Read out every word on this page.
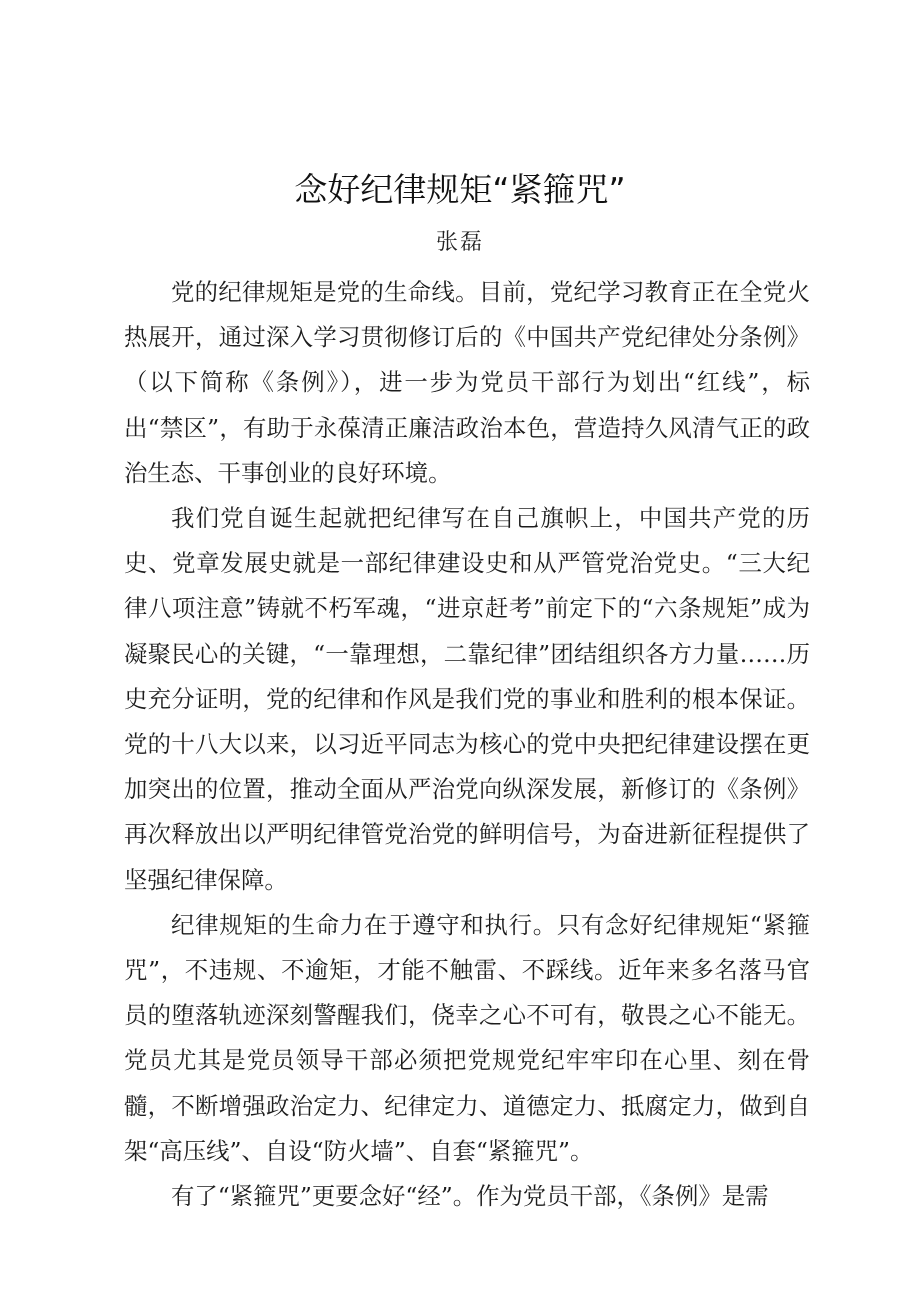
念好纪律规矩“紧箍咒”
张磊

党的纪律规矩是党的生命线。目前，党纪学习教育正在全党火热展开，通过深入学习贯彻修订后的《中国共产党纪律处分条例》（以下简称《条例》），进一步为党员干部行为划出“红线”，标出“禁区”，有助于永葆清正廉洁政治本色，营造持久风清气正的政治生态、干事创业的良好环境。

我们党自诞生起就把纪律写在自己旗帜上，中国共产党的历史、党章发展史就是一部纪律建设史和从严管党治党史。“三大纪律八项注意”铸就不朽军魂，“进京赶考”前定下的“六条规矩”成为凝聚民心的关键，“一靠理想，二靠纪律”团结组织各方力量……历史充分证明，党的纪律和作风是我们党的事业和胜利的根本保证。党的十八大以来，以习近平同志为核心的党中央把纪律建设摆在更加突出的位置，推动全面从严治党向纵深发展，新修订的《条例》再次释放出以严明纪律管党治党的鲜明信号，为奋进新征程提供了坚强纪律保障。

纪律规矩的生命力在于遵守和执行。只有念好纪律规矩“紧箍咒”，不违规、不逾矩，才能不触雷、不踩线。近年来多名落马官员的堕落轨迹深刻警醒我们，侥幸之心不可有，敬畏之心不能无。党员尤其是党员领导干部必须把党规党纪牢牢印在心里、刻在骨髓，不断增强政治定力、纪律定力、道德定力、抵腐定力，做到自架“高压线”、自设“防火墙”、自套“紧箍咒”。

有了“紧箍咒”更要念好“经”。作为党员干部，《条例》是需
